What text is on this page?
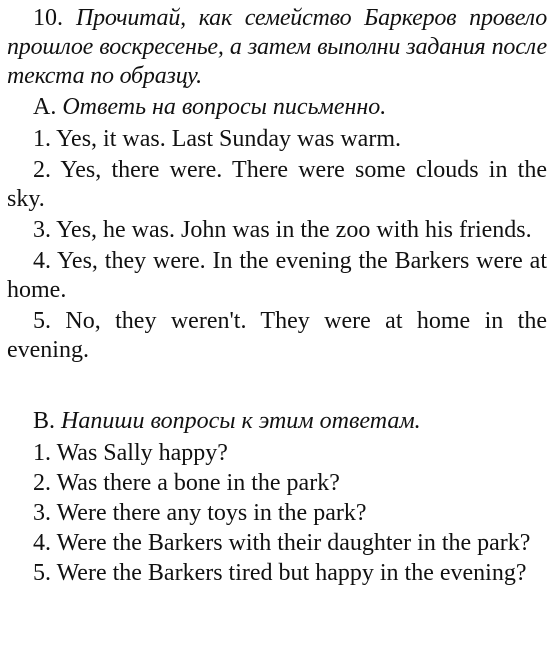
10. Прочитай, как семейство Баркеров провело прошлое воскресенье, а затем выполни задания после текста по образцу.

A. Ответь на вопросы письменно.

1. Yes, it was. Last Sunday was warm.

2. Yes, there were. There were some clouds in the sky.

3. Yes, he was. John was in the zoo with his friends.

4. Yes, they were. In the evening the Barkers were at home.

5. No, they weren't. They were at home in the evening.

B. Напиши вопросы к этим ответам.

1. Was Sally happy?

2. Was there a bone in the park?

3. Were there any toys in the park?

4. Were the Barkers with their daughter in the park?

5. Were the Barkers tired but happy in the evening?
